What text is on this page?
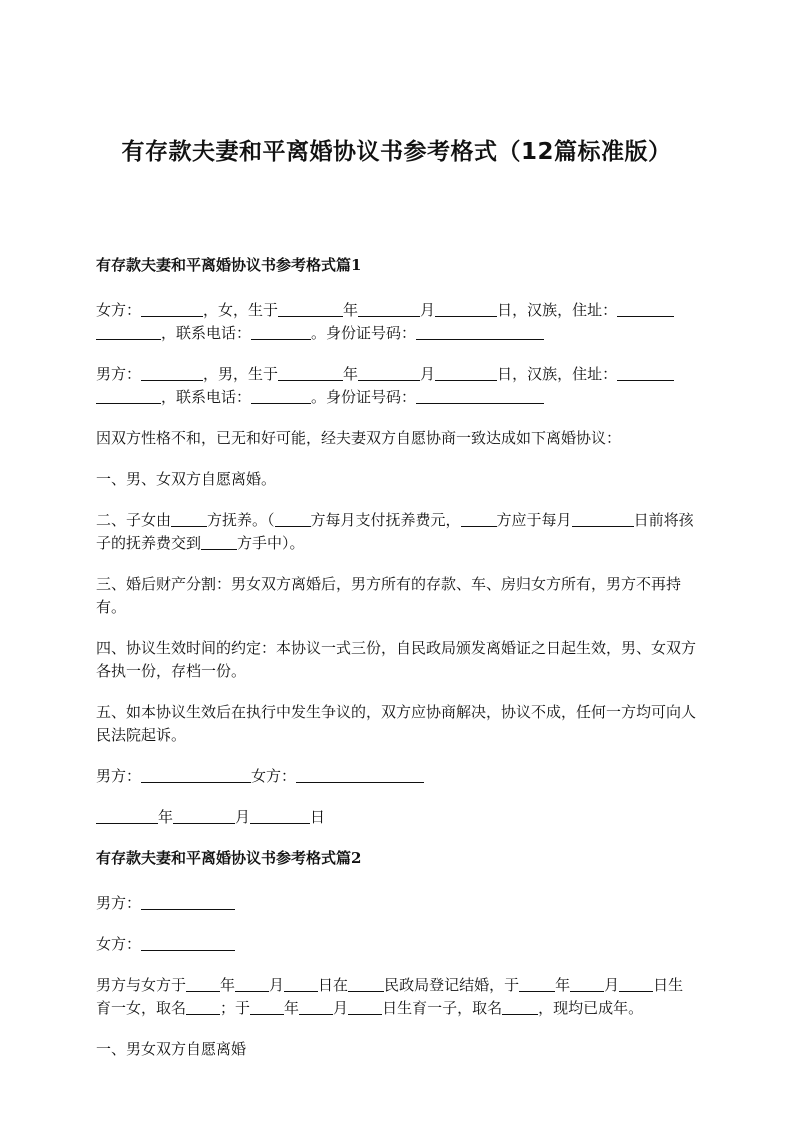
有存款夫妻和平离婚协议书参考格式（12篇标准版）

有存款夫妻和平离婚协议书参考格式篇1

女方：	，女，生于	年	月	日，汉族，住址：，联系电话：	。身份证号码：

男方：	，男，生于	年	月	日，汉族，住址：，联系电话：	。身份证号码：

因双方性格不和，已无和好可能，经夫妻双方自愿协商一致达成如下离婚协议：

一、男、女双方自愿离婚。

二、子女由 方抚养。（ 方每月支付抚养费元， 方应于每月	日前将孩子的抚养费交到 方手中）。

三、婚后财产分割：男女双方离婚后，男方所有的存款、车、房归女方所有，男方不再持有。

四、协议生效时间的约定：本协议一式三份，自民政局颁发离婚证之日起生效，男、女双方各执一份，存档一份。

五、如本协议生效后在执行中发生争议的，双方应协商解决，协议不成，任何一方均可向人民法院起诉。

男方：	女方：

年	月	日

有存款夫妻和平离婚协议书参考格式篇2

男方：

女方：

男方与女方于 年 月 日在 民政局登记结婚，于 年 月 日生育一女，取名 ；于 年 月 日生育一子，取名 ，现均已成年。

一、男女双方自愿离婚
